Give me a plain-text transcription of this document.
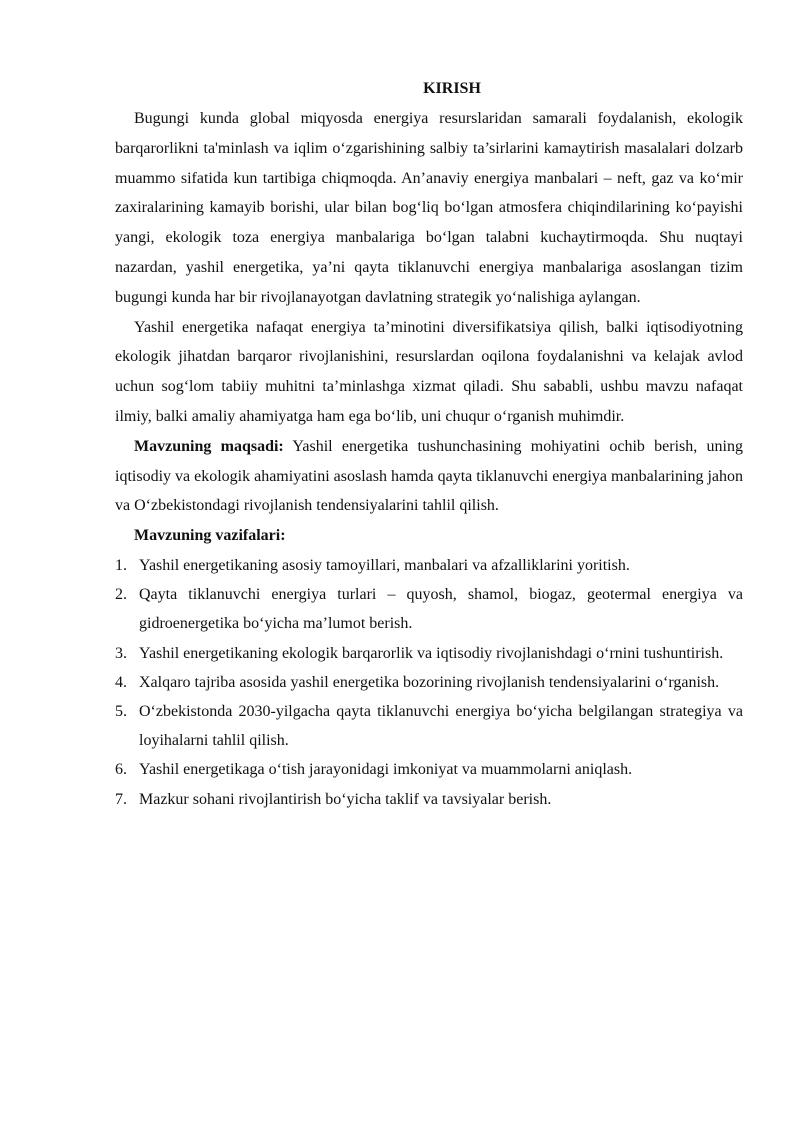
KIRISH

Bugungi kunda global miqyosda energiya resurslaridan samarali foydalanish, ekologik barqarorlikni ta'minlash va iqlim o‘zgarishining salbiy ta’sirlarini kamaytirish masalalari dolzarb muammo sifatida kun tartibiga chiqmoqda. An’anaviy energiya manbalari – neft, gaz va ko‘mir zaxiralarining kamayib borishi, ular bilan bog‘liq bo‘lgan atmosfera chiqindilarining ko‘payishi yangi, ekologik toza energiya manbalariga bo‘lgan talabni kuchaytirmoqda. Shu nuqtayi nazardan, yashil energetika, ya’ni qayta tiklanuvchi energiya manbalariga asoslangan tizim bugungi kunda har bir rivojlanayotgan davlatning strategik yo‘nalishiga aylangan.

Yashil energetika nafaqat energiya ta’minotini diversifikatsiya qilish, balki iqtisodiyotning ekologik jihatdan barqaror rivojlanishini, resurslardan oqilona foydalanishni va kelajak avlod uchun sog‘lom tabiiy muhitni ta’minlashga xizmat qiladi. Shu sababli, ushbu mavzu nafaqat ilmiy, balki amaliy ahamiyatga ham ega bo‘lib, uni chuqur o‘rganish muhimdir.

Mavzuning maqsadi: Yashil energetika tushunchasining mohiyatini ochib berish, uning iqtisodiy va ekologik ahamiyatini asoslash hamda qayta tiklanuvchi energiya manbalarining jahon va O‘zbekistondagi rivojlanish tendensiyalarini tahlil qilish.

Mavzuning vazifalari:
1. Yashil energetikaning asosiy tamoyillari, manbalari va afzalliklarini yoritish.
2. Qayta tiklanuvchi energiya turlari – quyosh, shamol, biogaz, geotermal energiya va gidroenergetika bo‘yicha ma’lumot berish.
3. Yashil energetikaning ekologik barqarorlik va iqtisodiy rivojlanishdagi o‘rnini tushuntirish.
4. Xalqaro tajriba asosida yashil energetika bozorining rivojlanish tendensiyalarini o‘rganish.
5. O‘zbekistonda 2030-yilgacha qayta tiklanuvchi energiya bo‘yicha belgilangan strategiya va loyihalarni tahlil qilish.
6. Yashil energetikaga o‘tish jarayonidagi imkoniyat va muammolarni aniqlash.
7. Mazkur sohani rivojlantirish bo‘yicha taklif va tavsiyalar berish.
